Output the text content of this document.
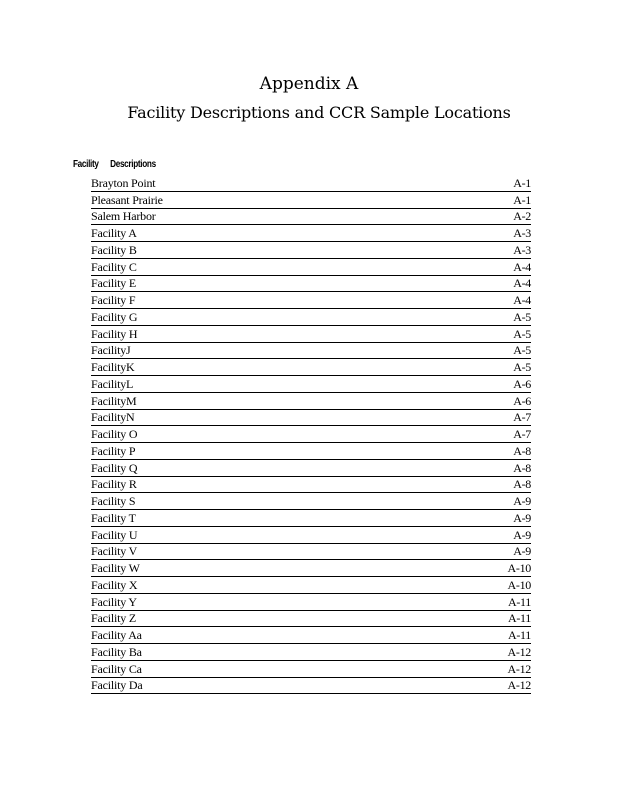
Appendix A
Facility Descriptions and CCR Sample Locations
Facility Descriptions
Brayton Point	A-1
Pleasant Prairie	A-1
Salem Harbor	A-2
Facility A	A-3
Facility B	A-3
Facility C	A-4
Facility E	A-4
Facility F	A-4
Facility G	A-5
Facility H	A-5
FacilityJ	A-5
FacilityK	A-5
FacilityL	A-6
FacilityM	A-6
FacilityN	A-7
Facility O	A-7
Facility P	A-8
Facility Q	A-8
Facility R	A-8
Facility S	A-9
Facility T	A-9
Facility U	A-9
Facility V	A-9
Facility W	A-10
Facility X	A-10
Facility Y	A-11
Facility Z	A-11
Facility Aa	A-11
Facility Ba	A-12
Facility Ca	A-12
Facility Da	A-12
